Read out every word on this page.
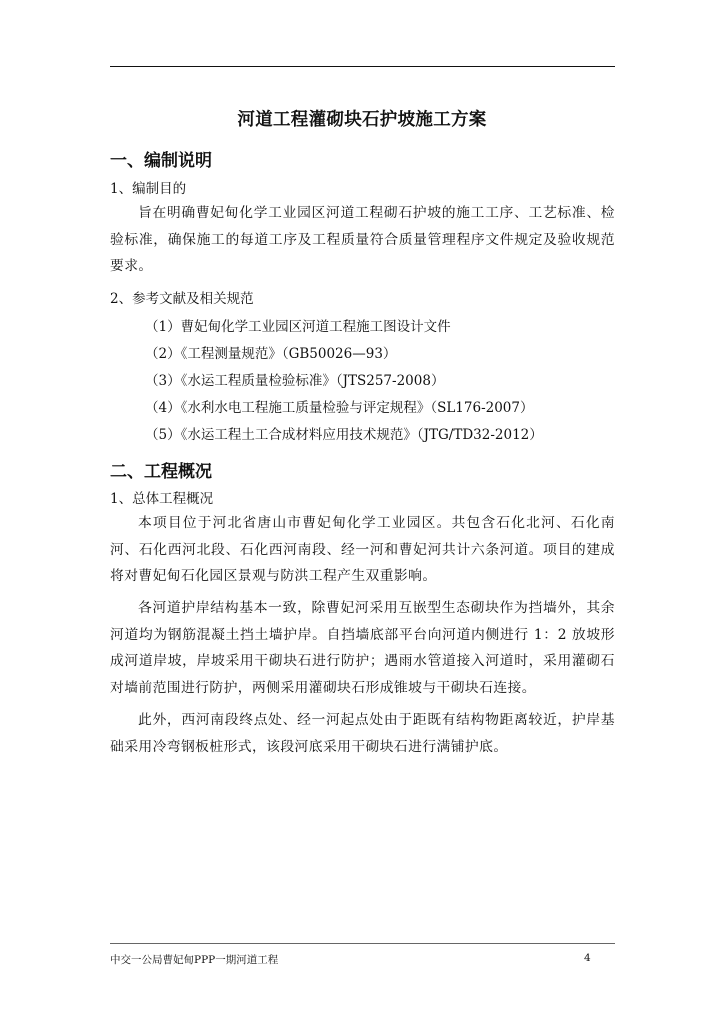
河道工程灌砌块石护坡施工方案
一、编制说明
1、编制目的
旨在明确曹妃甸化学工业园区河道工程砌石护坡的施工工序、工艺标准、检验标准，确保施工的每道工序及工程质量符合质量管理程序文件规定及验收规范要求。
2、参考文献及相关规范
（1）曹妃甸化学工业园区河道工程施工图设计文件
（2）《工程测量规范》（GB50026—93）
（3）《水运工程质量检验标准》（JTS257-2008）
（4）《水利水电工程施工质量检验与评定规程》（SL176-2007）
（5）《水运工程土工合成材料应用技术规范》（JTG/TD32-2012）
二、工程概况
1、总体工程概况
本项目位于河北省唐山市曹妃甸化学工业园区。共包含石化北河、石化南河、石化西河北段、石化西河南段、经一河和曹妃河共计六条河道。项目的建成将对曹妃甸石化园区景观与防洪工程产生双重影响。
各河道护岸结构基本一致，除曹妃河采用互嵌型生态砌块作为挡墙外，其余河道均为钢筋混凝土挡土墙护岸。自挡墙底部平台向河道内侧进行 1：2 放坡形成河道岸坡，岸坡采用干砌块石进行防护；遇雨水管道接入河道时，采用灌砌石对墙前范围进行防护，两侧采用灌砌块石形成锥坡与干砌块石连接。
此外，西河南段终点处、经一河起点处由于距既有结构物距离较近，护岸基础采用冷弯钢板桩形式，该段河底采用干砌块石进行满铺护底。
中交一公局曹妃甸PPP一期河道工程	4
